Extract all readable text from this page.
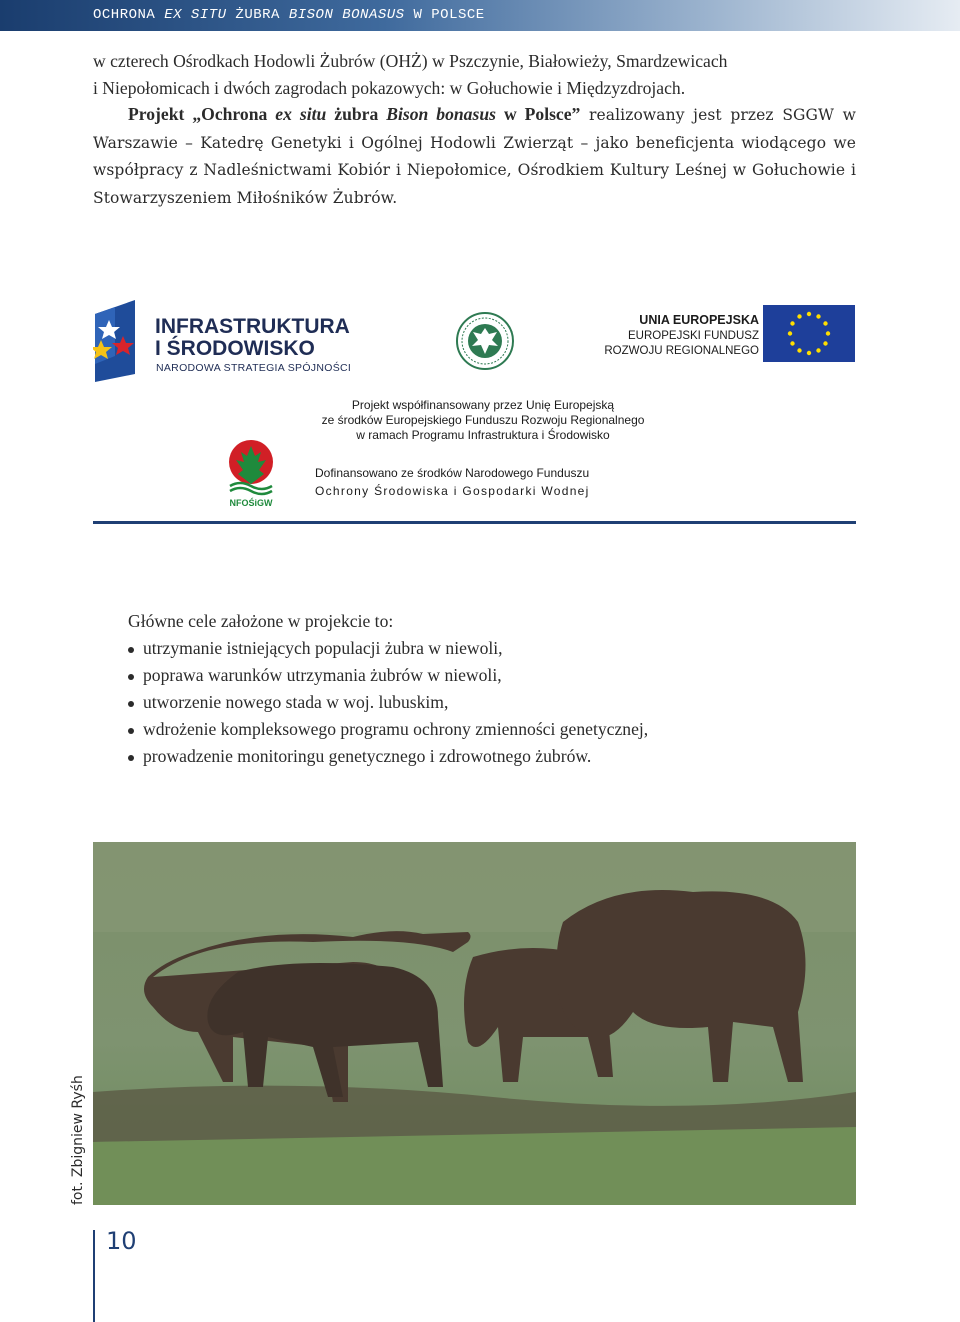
OCHRONA EX SITU ŻUBRA BISON BONASUS W POLSCE

w czterech Ośrodkach Hodowli Żubrów (OHŻ) w Pszczynie, Białowieży, Smardzewicach
i Niepołomicach i dwóch zagrodach pokazowych: w Gołuchowie i Międzyzdrojach.

Projekt „Ochrona ex situ żubra Bison bonasus w Polsce” realizowany jest przez SGGW w Warszawie – Katedrę Genetyki i Ogólnej Hodowli Zwierząt – jako beneficjenta wiodącego we współpracy z Nadleśnictwami Kobiór i Niepołomice, Ośrodkiem Kultury Leśnej w Gołuchowie i Stowarzyszeniem Miłośników Żubrów.

INFRASTRUKTURA
I ŚRODOWISKO
NARODOWA STRATEGIA SPÓJNOŚCI
UNIA EUROPEJSKA
EUROPEJSKI FUNDUSZ
ROZWOJU REGIONALNEGO
Projekt współfinansowany przez Unię Europejską
ze środków Europejskiego Funduszu Rozwoju Regionalnego
w ramach Programu Infrastruktura i Środowisko
NFOŚiGW
Dofinansowano ze środków Narodowego Funduszu
Ochrony Środowiska i Gospodarki Wodnej
Główne cele założone w projekcie to:
utrzymanie istniejących populacji żubra w niewoli,
poprawa warunków utrzymania żubrów w niewoli,
utworzenie nowego stada w woj. lubuskim,
wdrożenie kompleksowego programu ochrony zmienności genetycznej,
prowadzenie monitoringu genetycznego i zdrowotnego żubrów.
fot. Zbigniew Ryśh
10
